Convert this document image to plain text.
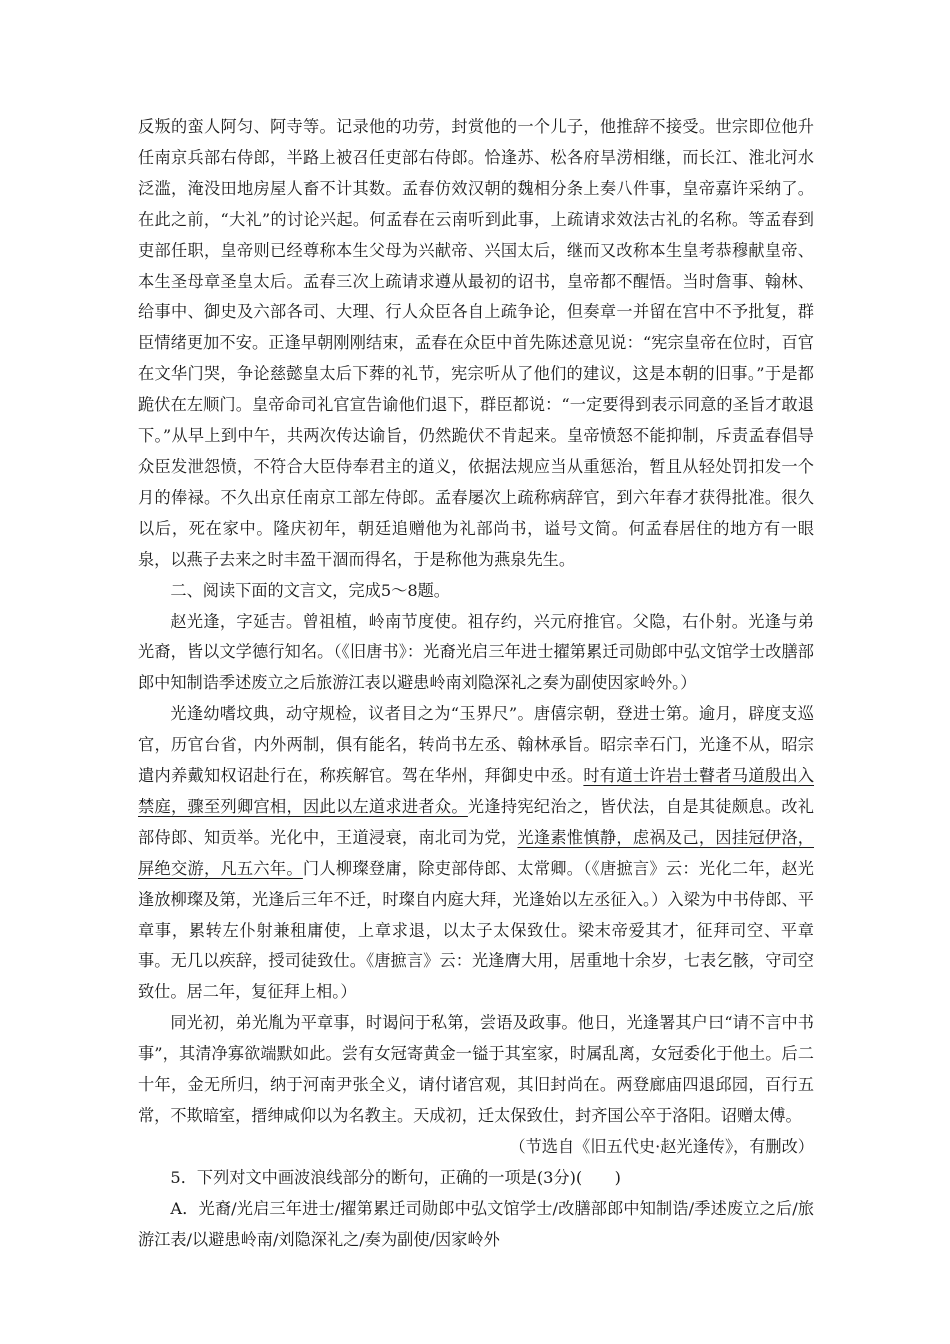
反叛的蛮人阿匀、阿寺等。记录他的功劳，封赏他的一个儿子，他推辞不接受。世宗即位他升任南京兵部右侍郎，半路上被召任吏部右侍郎。恰逢苏、松各府旱涝相继，而长江、淮北河水泛滥，淹没田地房屋人畜不计其数。孟春仿效汉朝的魏相分条上奏八件事，皇帝嘉许采纳了。在此之前，“大礼”的讨论兴起。何孟春在云南听到此事，上疏请求效法古礼的名称。等孟春到吏部任职，皇帝则已经尊称本生父母为兴献帝、兴国太后，继而又改称本生皇考恭穆献皇帝、本生圣母章圣皇太后。孟春三次上疏请求遵从最初的诏书，皇帝都不醒悟。当时詹事、翰林、给事中、御史及六部各司、大理、行人众臣各自上疏争论，但奏章一并留在宫中不予批复，群臣情绪更加不安。正逢早朝刚刚结束，孟春在众臣中首先陈述意见说：“宪宗皇帝在位时，百官在文华门哭，争论慈懿皇太后下葬的礼节，宪宗听从了他们的建议，这是本朝的旧事。”于是都跪伏在左顺门。皇帝命司礼官宣告谕他们退下，群臣都说：“一定要得到表示同意的圣旨才敢退下。”从早上到中午，共两次传达谕旨，仍然跪伏不肯起来。皇帝愤怒不能抑制，斥责孟春倡导众臣发泄怨愤，不符合大臣侍奉君主的道义，依据法规应当从重惩治，暂且从轻处罚扣发一个月的俸禄。不久出京任南京工部左侍郎。孟春屡次上疏称病辞官，到六年春才获得批准。很久以后，死在家中。隆庆初年，朝廷追赠他为礼部尚书，谥号文简。何孟春居住的地方有一眼泉，以燕子去来之时丰盈干涸而得名，于是称他为燕泉先生。

二、阅读下面的文言文，完成5～8题。

赵光逢，字延吉。曾祖植，岭南节度使。祖存约，兴元府推官。父隐，右仆射。光逢与弟光裔，皆以文学德行知名。（《旧唐书》：光裔光启三年进士擢第累迁司勋郎中弘文馆学士改膳部郎中知制诰季述废立之后旅游江表以避患岭南刘隐深礼之奏为副使因家岭外。）

光逢幼嗜坟典，动守规检，议者目之为“玉界尺”。唐僖宗朝，登进士第。逾月，辟度支巡官，历官台省，内外两制，俱有能名，转尚书左丞、翰林承旨。昭宗幸石门，光逢不从，昭宗遣内养戴知权诏赴行在，称疾解官。驾在华州，拜御史中丞。时有道士许岩士瞽者马道殷出入禁庭，骤至列卿宫相，因此以左道求进者众。光逢持宪纪治之，皆伏法，自是其徒颇息。改礼部侍郎、知贡举。光化中，王道浸衰，南北司为党，光逢素惟慎静，虑祸及己，因挂冠伊洛，屏绝交游，凡五六年。门人柳璨登庸，除吏部侍郎、太常卿。（《唐摭言》云：光化二年，赵光逢放柳璨及第，光逢后三年不迁，时璨自内庭大拜，光逢始以左丞征入。）入梁为中书侍郎、平章事，累转左仆射兼租庸使，上章求退，以太子太保致仕。梁末帝爱其才，征拜司空、平章事。无几以疾辞，授司徒致仕。《唐摭言》云：光逢膺大用，居重地十余岁，七表乞骸，守司空致仕。居二年，复征拜上相。）

同光初，弟光胤为平章事，时谒问于私第，尝语及政事。他日，光逢署其户曰“请不言中书事”，其清净寡欲端默如此。尝有女冠寄黄金一镒于其室家，时属乱离，女冠委化于他土。后二十年，金无所归，纳于河南尹张全义，请付诸宫观，其旧封尚在。两登廊庙四退邱园，百行五常，不欺暗室，搢绅咸仰以为名教主。天成初，迁太保致仕，封齐国公卒于洛阳。诏赠太傅。

（节选自《旧五代史·赵光逢传》，有删改）

5．下列对文中画波浪线部分的断句，正确的一项是(3分)(　　)

A．光裔/光启三年进士/擢第累迁司勋郎中弘文馆学士/改膳部郎中知制诰/季述废立之后/旅游江表/以避患岭南/刘隐深礼之/奏为副使/因家岭外
